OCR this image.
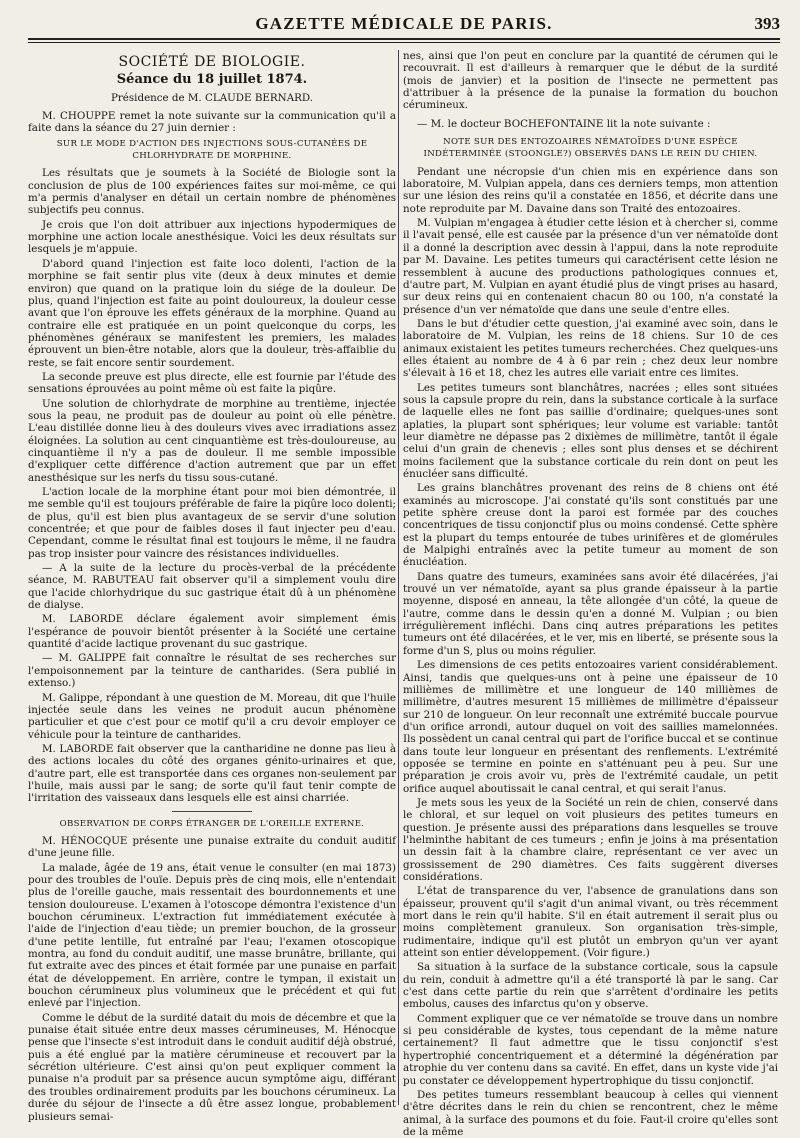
GAZETTE MÉDICALE DE PARIS.	393

SOCIÉTÉ DE BIOLOGIE.

Séance du 18 juillet 1874.

Présidence de M. CLAUDE BERNARD.

M. CHOUPPE remet la note suivante sur la communication qu'il a faite dans la séance du 27 juin dernier :

SUR LE MODE D'ACTION DES INJECTIONS SOUS-CUTANÉES DE CHLORHYDRATE DE MORPHINE.

Les résultats que je soumets à la Société de Biologie sont la conclusion de plus de 100 expériences faites sur moi-même, ce qui m'a permis d'analyser en détail un certain nombre de phénomènes subjectifs peu connus.

Je crois que l'on doit attribuer aux injections hypodermiques de morphine une action locale anesthésique. Voici les deux résultats sur lesquels je m'appuie.

D'abord quand l'injection est faite loco dolenti, l'action de la morphine se fait sentir plus vite (deux à deux minutes et demie environ) que quand on la pratique loin du siége de la douleur. De plus, quand l'injection est faite au point douloureux, la douleur cesse avant que l'on éprouve les effets généraux de la morphine. Quand au contraire elle est pratiquée en un point quelconque du corps, les phénomènes généraux se manifestent les premiers, les malades éprouvent un bien-être notable, alors que la douleur, très-affaiblie du reste, se fait encore sentir sourdement.

La seconde preuve est plus directe, elle est fournie par l'étude des sensations éprouvées au point même où est faite la piqûre.

Une solution de chlorhydrate de morphine au trentième, injectée sous la peau, ne produit pas de douleur au point où elle pénètre. L'eau distillée donne lieu à des douleurs vives avec irradiations assez éloignées. La solution au cent cinquantième est très-douloureuse, au cinquantième il n'y a pas de douleur. Il me semble impossible d'expliquer cette différence d'action autrement que par un effet anesthésique sur les nerfs du tissu sous-cutané.

L'action locale de la morphine étant pour moi bien démontrée, il me semble qu'il est toujours préférable de faire la piqûre loco dolenti; de plus, qu'il est bien plus avantageux de se servir d'une solution concentrée; et que pour de faibles doses il faut injecter peu d'eau. Cependant, comme le résultat final est toujours le même, il ne faudra pas trop insister pour vaincre des résistances individuelles.

— A la suite de la lecture du procès-verbal de la précédente séance, M. RABUTEAU fait observer qu'il a simplement voulu dire que l'acide chlorhydrique du suc gastrique était dû à un phénomène de dialyse.

M. LABORDE déclare également avoir simplement émis l'espérance de pouvoir bientôt présenter à la Société une certaine quantité d'acide lactique provenant du suc gastrique.

— M. GALIPPE fait connaître le résultat de ses recherches sur l'empoisonnement par la teinture de cantharides. (Sera publié in extenso.)

M. Galippe, répondant à une question de M. Moreau, dit que l'huile injectée seule dans les veines ne produit aucun phénomène particulier et que c'est pour ce motif qu'il a cru devoir employer ce véhicule pour la teinture de cantharides.

M. LABORDE fait observer que la cantharidine ne donne pas lieu à des actions locales du côté des organes génito-urinaires et que, d'autre part, elle est transportée dans ces organes non-seulement par l'huile, mais aussi par le sang; de sorte qu'il faut tenir compte de l'irritation des vaisseaux dans lesquels elle est ainsi charriée.

OBSERVATION DE CORPS ÉTRANGER DE L'OREILLE EXTERNE.

M. HÉNOCQUE présente une punaise extraite du conduit auditif d'une jeune fille.

La malade, âgée de 19 ans, était venue le consulter (en mai 1873) pour des troubles de l'ouïe. Depuis près de cinq mois, elle n'entendait plus de l'oreille gauche, mais ressentait des bourdonnements et une tension douloureuse. L'examen à l'otoscope démontra l'existence d'un bouchon cérumineux. L'extraction fut immédiatement exécutée à l'aide de l'injection d'eau tiède; un premier bouchon, de la grosseur d'une petite lentille, fut entraîné par l'eau; l'examen otoscopique montra, au fond du conduit auditif, une masse brunâtre, brillante, qui fut extraite avec des pinces et était formée par une punaise en parfait état de développement. En arrière, contre le tympan, il existait un bouchon cérumineux plus volumineux que le précédent et qui fut enlevé par l'injection.

Comme le début de la surdité datait du mois de décembre et que la punaise était située entre deux masses cérumineuses, M. Hénocque pense que l'insecte s'est introduit dans le conduit auditif déjà obstrué, puis a été englué par la matière cérumineuse et recouvert par la sécrétion ultérieure. C'est ainsi qu'on peut expliquer comment la punaise n'a produit par sa présence aucun symptôme aigu, différant des troubles ordinairement produits par les bouchons cérumineux. La durée du séjour de l'insecte a dû être assez longue, probablement plusieurs semai-

nes, ainsi que l'on peut en conclure par la quantité de cérumen qui le recouvrait. Il est d'ailleurs à remarquer que le début de la surdité (mois de janvier) et la position de l'insecte ne permettent pas d'attribuer à la présence de la punaise la formation du bouchon cérumineux.

— M. le docteur BOCHEFONTAINE lit la note suivante :

NOTE SUR DES ENTOZOAIRES NÉMATOÏDES D'UNE ESPÈCE INDÉTERMINÉE (STOONGLE?) OBSERVÉS DANS LE REIN DU CHIEN.

Pendant une nécropsie d'un chien mis en expérience dans son laboratoire, M. Vulpian appela, dans ces derniers temps, mon attention sur une lésion des reins qu'il a constatée en 1856, et décrite dans une note reproduite par M. Davaine dans son Traité des entozoaires.

M. Vulpian m'engagea à étudier cette lésion et à chercher si, comme il l'avait pensé, elle est causée par la présence d'un ver nématoïde dont il a donné la description avec dessin à l'appui, dans la note reproduite par M. Davaine. Les petites tumeurs qui caractérisent cette lésion ne ressemblent à aucune des productions pathologiques connues et, d'autre part, M. Vulpian en ayant étudié plus de vingt prises au hasard, sur deux reins qui en contenaient chacun 80 ou 100, n'a constaté la présence d'un ver nématoïde que dans une seule d'entre elles.

Dans le but d'étudier cette question, j'ai examiné avec soin, dans le laboratoire de M. Vulpian, les reins de 18 chiens. Sur 10 de ces animaux existaient les petites tumeurs recherchées. Chez quelques-uns elles étaient au nombre de 4 à 6 par rein ; chez deux leur nombre s'élevait à 16 et 18, chez les autres elle variait entre ces limites.

Les petites tumeurs sont blanchâtres, nacrées ; elles sont situées sous la capsule propre du rein, dans la substance corticale à la surface de laquelle elles ne font pas saillie d'ordinaire; quelques-unes sont aplaties, la plupart sont sphériques; leur volume est variable: tantôt leur diamètre ne dépasse pas 2 dixièmes de millimètre, tantôt il égale celui d'un grain de chenevis ; elles sont plus denses et se déchirent moins facilement que la substance corticale du rein dont on peut les énucléer sans difficulté.

Les grains blanchâtres provenant des reins de 8 chiens ont été examinés au microscope. J'ai constaté qu'ils sont constitués par une petite sphère creuse dont la paroi est formée par des couches concentriques de tissu conjonctif plus ou moins condensé. Cette sphère est la plupart du temps entourée de tubes urinifères et de glomérules de Malpighi entraînés avec la petite tumeur au moment de son énucléation.

Dans quatre des tumeurs, examinées sans avoir été dilacérées, j'ai trouvé un ver nématoïde, ayant sa plus grande épaisseur à la partie moyenne, disposé en anneau, la tête allongée d'un côté, la queue de l'autre, comme dans le dessin qu'en a donné M. Vulpian ; ou bien irrégulièrement infléchi. Dans cinq autres préparations les petites tumeurs ont été dilacérées, et le ver, mis en liberté, se présente sous la forme d'un S, plus ou moins régulier.

Les dimensions de ces petits entozoaires varient considérablement. Ainsi, tandis que quelques-uns ont à peine une épaisseur de 10 millièmes de millimètre et une longueur de 140 millièmes de millimètre, d'autres mesurent 15 millièmes de millimètre d'épaisseur sur 210 de longueur. On leur reconnaît une extrémité buccale pourvue d'un orifice arrondi, autour duquel on voit des saillies mamelonnées. Ils possèdent un canal central qui part de l'orifice buccal et se continue dans toute leur longueur en présentant des renflements. L'extrémité opposée se termine en pointe en s'atténuant peu à peu. Sur une préparation je crois avoir vu, près de l'extrémité caudale, un petit orifice auquel aboutissait le canal central, et qui serait l'anus.

Je mets sous les yeux de la Société un rein de chien, conservé dans le chloral, et sur lequel on voit plusieurs des petites tumeurs en question. Je présente aussi des préparations dans lesquelles se trouve l'helminthe habitant de ces tumeurs ; enfin je joins à ma présentation un dessin fait à la chambre claire, représentant ce ver avec un grossissement de 290 diamètres. Ces faits suggèrent diverses considérations.

L'état de transparence du ver, l'absence de granulations dans son épaisseur, prouvent qu'il s'agit d'un animal vivant, ou très récemment mort dans le rein qu'il habite. S'il en était autrement il serait plus ou moins complètement granuleux. Son organisation très-simple, rudimentaire, indique qu'il est plutôt un embryon qu'un ver ayant atteint son entier développement. (Voir figure.)

Sa situation à la surface de la substance corticale, sous la capsule du rein, conduit à admettre qu'il a été transporté là par le sang. Car c'est dans cette partie du rein que s'arrêtent d'ordinaire les petits embolus, causes des infarctus qu'on y observe.

Comment expliquer que ce ver nématoïde se trouve dans un nombre si peu considérable de kystes, tous cependant de la même nature certainement? Il faut admettre que le tissu conjonctif s'est hypertrophié concentriquement et a déterminé la dégénération par atrophie du ver contenu dans sa cavité. En effet, dans un kyste vide j'ai pu constater ce développement hypertrophique du tissu conjonctif.

Des petites tumeurs ressemblant beaucoup à celles qui viennent d'être décrites dans le rein du chien se rencontrent, chez le même animal, à la surface des poumons et du foie. Faut-il croire qu'elles sont de la même
